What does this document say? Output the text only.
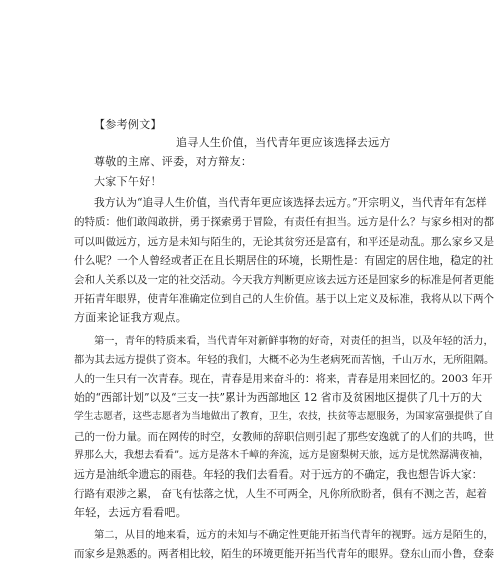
【参考例文】
追寻人生价值，当代青年更应该选择去远方
尊敬的主席、评委，对方辩友：
大家下午好！
我方认为“追寻人生价值，当代青年更应该选择去远方。”开宗明义，当代青年有怎样
的特质：他们敢闯敢拼，勇于探索勇于冒险，有责任有担当。远方是什么？与家乡相对的都
可以叫做远方，远方是未知与陌生的，无论其贫穷还是富有，和平还是动乱。那么家乡又是
什么呢？一个人曾经或者正在且长期居住的环境，长期性是：有固定的居住地，稳定的社
会和人关系以及一定的社交活动。今天我方判断更应该去远方还是回家乡的标准是何者更能
开拓青年眼界，使青年准确定位到自己的人生价值。基于以上定义及标准，我将从以下两个
方面来论证我方观点。
第一，青年的特质来看，当代青年对新鲜事物的好奇，对责任的担当，以及年轻的活力，
都为其去远方提供了资本。年轻的我们，大概不必为生老病死而苦恼，千山万水，无所阻隔。
人的一生只有一次青春。现在，青春是用来奋斗的：将来，青春是用来回忆的。2003 年开
始的“西部计划”以及“三支一扶”累计为西部地区 12 省市及贫困地区提供了几十万的大
学生志愿者，这些志愿者为当地做出了教育，卫生，农技，扶贫等志愿服务，为国家富强提供了自
己的一份力量。而在网传的时空，女教师的辞职信则引起了那些安逸就了的人们的共鸣，世
界那么大，我想去看看”。远方是落木千嶂的奔流，远方是窗梨树天旅，远方是忧然潺满夜袖，
远方是油纸伞遗忘的雨巷。年轻的我们去看看。对于远方的不确定，我也想告诉大家：
行路有艰涉之累， 奋飞有怯落之忧，人生不可两全，凡你所欣盼者，俱有不测之苦，起着
年轻，去远方看看吧。
第二，从目的地来看，远方的未知与不确定性更能开拓当代青年的视野。远方是陌生的，
而家乡是熟悉的。两者相比较，陌生的环境更能开拓当代青年的眼界。登东山而小鲁，登泰
